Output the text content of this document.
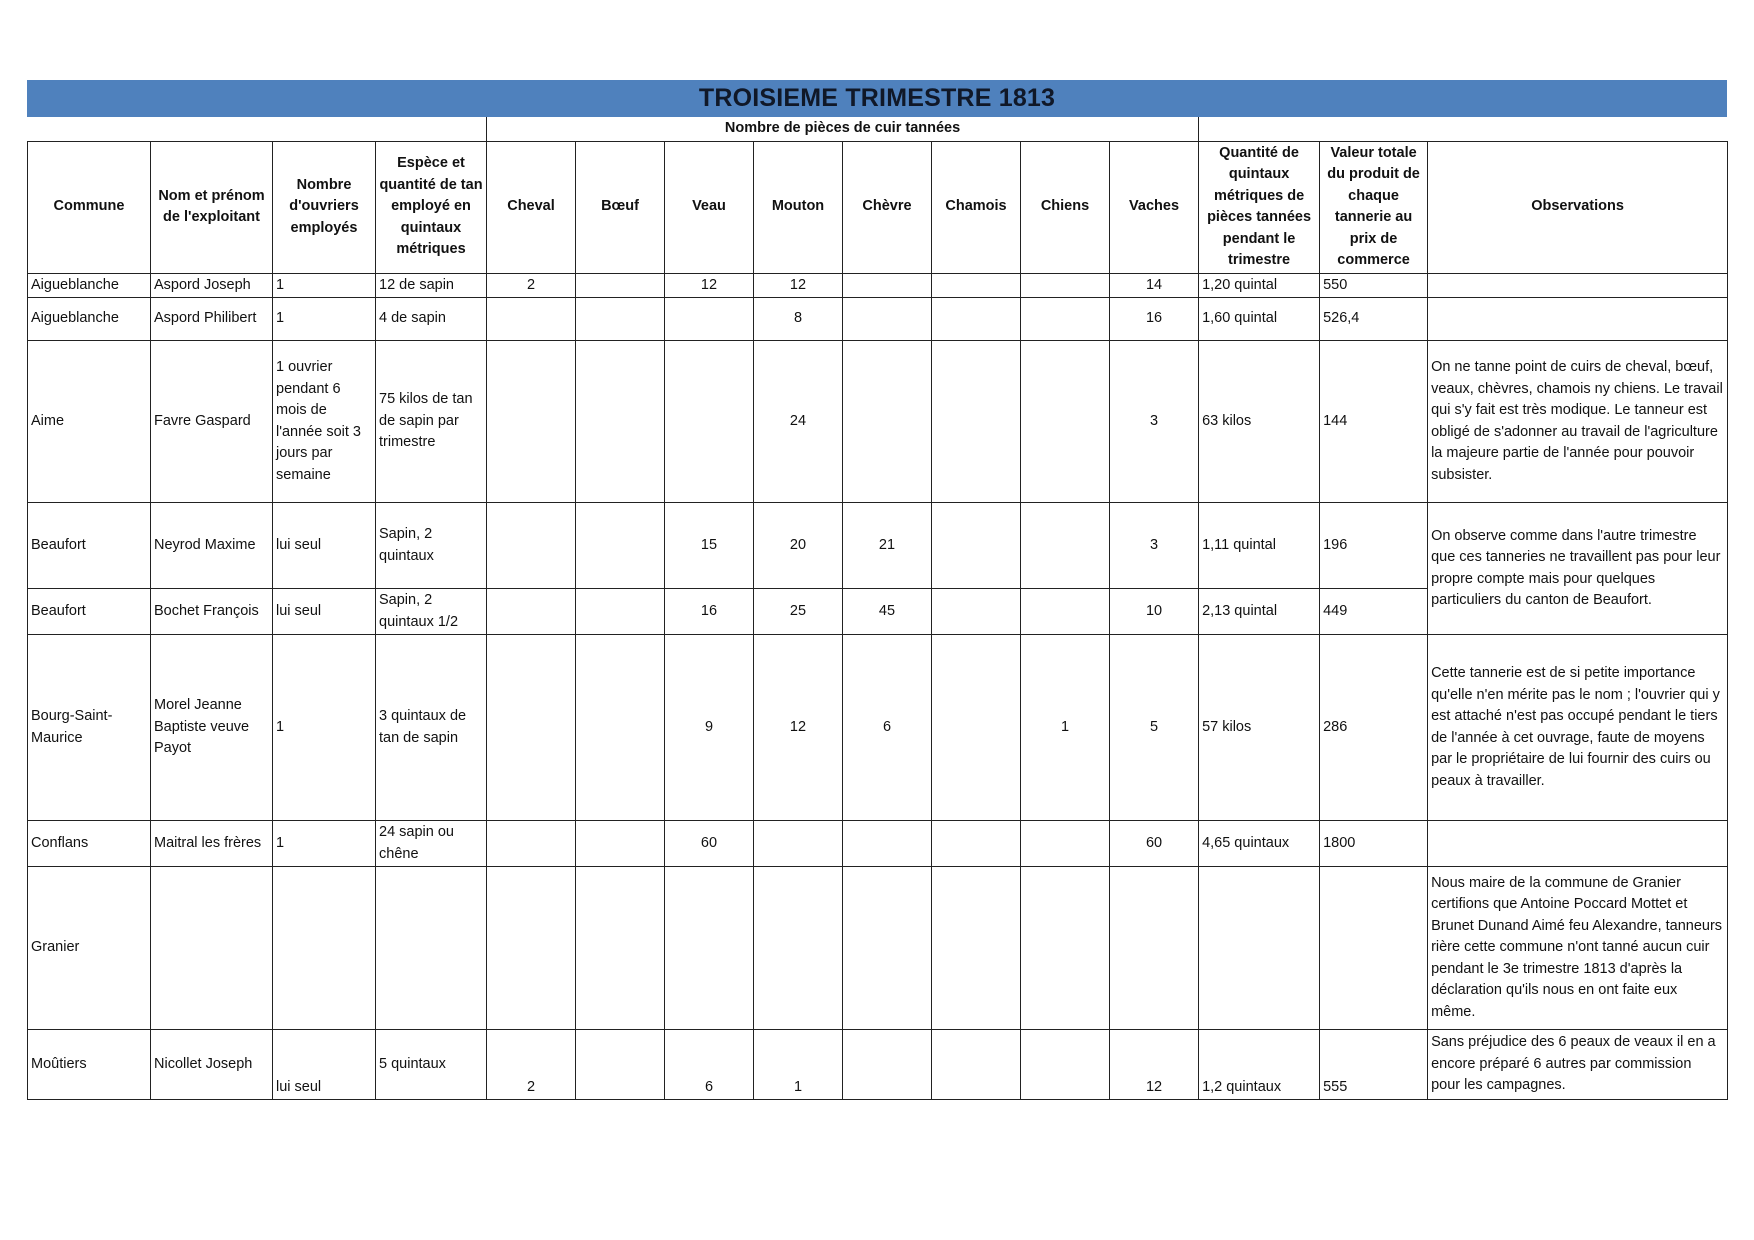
TROISIEME TRIMESTRE 1813
				Nombre de pièces de cuir tannées										
Commune	Nom et prénom de l'exploitant	Nombre d'ouvriers employés	Espèce et quantité de tan employé en quintaux métriques	Cheval	Bœuf	Veau	Mouton	Chèvre	Chamois	Chiens	Vaches	Quantité de quintaux métriques de pièces tannées pendant le trimestre	Valeur totale du produit de chaque tannerie au prix de commerce	Observations
Aigueblanche	Aspord Joseph	1	12 de sapin	2		12	12				14	1,20 quintal	550	
Aigueblanche	Aspord Philibert	1	4 de sapin				8				16	1,60 quintal	526,4	
Aime	Favre Gaspard	1 ouvrier pendant 6 mois de l'année soit 3 jours par semaine	75 kilos de tan de sapin par trimestre				24				3	63 kilos	144	On ne tanne point de cuirs de cheval, bœuf, veaux, chèvres, chamois ny chiens. Le travail qui s'y fait est très modique. Le tanneur est obligé de s'adonner au travail de l'agriculture la majeure partie de l'année pour pouvoir subsister.
Beaufort	Neyrod Maxime	lui seul	Sapin, 2 quintaux			15	20	21			3	1,11 quintal	196	On observe comme dans l'autre trimestre que ces tanneries ne travaillent pas pour leur propre compte mais pour quelques particuliers du canton de Beaufort.
Beaufort	Bochet François	lui seul	Sapin, 2 quintaux 1/2			16	25	45			10	2,13 quintal	449	
Bourg-Saint-Maurice	Morel Jeanne Baptiste veuve Payot	1	3 quintaux de tan de sapin			9	12	6		1	5	57 kilos	286	Cette tannerie est de si petite importance qu'elle n'en mérite pas le nom ; l'ouvrier qui y est attaché n'est pas occupé pendant le tiers de l'année à cet ouvrage, faute de moyens par le propriétaire de lui fournir des cuirs ou peaux à travailler.
Conflans	Maitral les frères	1	24 sapin ou chêne			60					60	4,65 quintaux	1800	
Granier														Nous maire de la commune de Granier certifions que Antoine Poccard Mottet et Brunet Dunand Aimé feu Alexandre, tanneurs rière cette commune n'ont tanné aucun cuir pendant le 3e trimestre 1813 d'après la déclaration qu'ils nous en ont faite eux même.
Moûtiers	Nicollet Joseph	lui seul	5 quintaux	2		6	1				12	1,2 quintaux	555	Sans préjudice des 6 peaux de veaux il en a encore préparé 6 autres par commission pour les campagnes.
